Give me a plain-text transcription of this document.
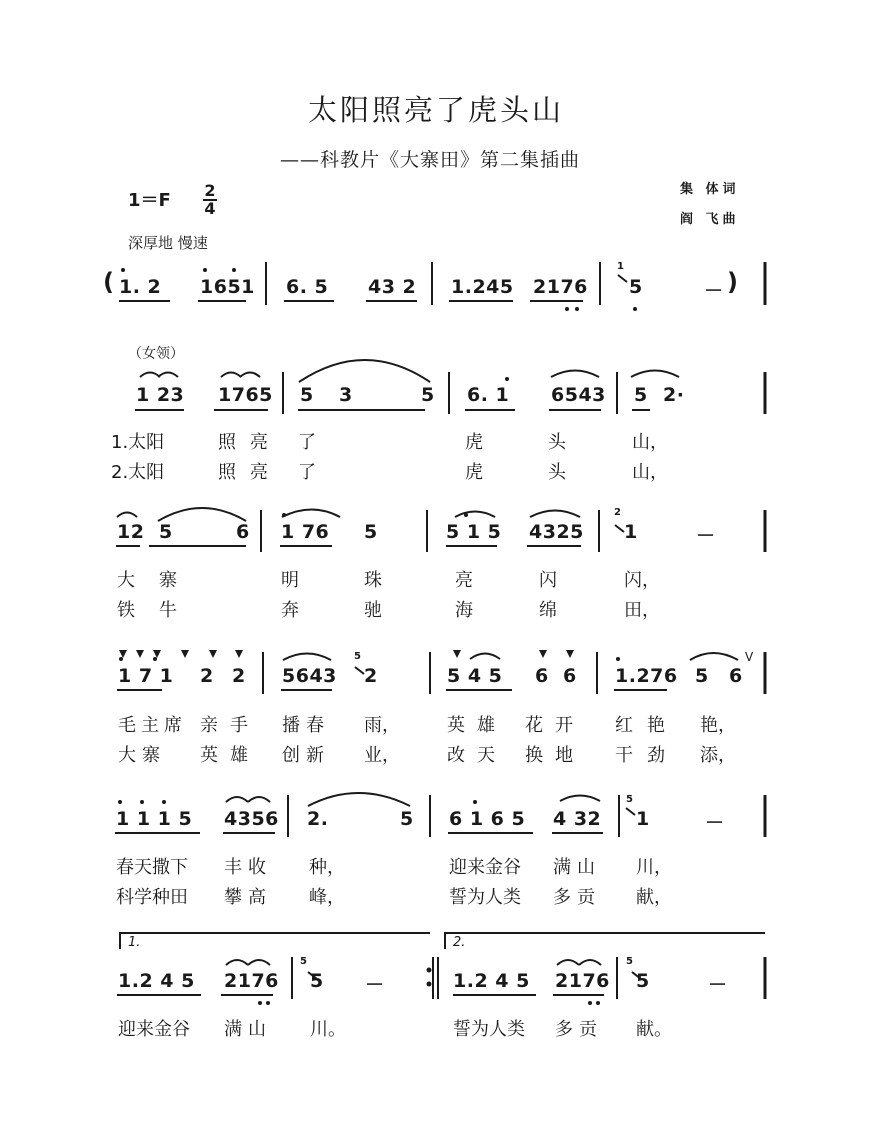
太阳照亮了虎头山
——科教片《大寨田》第二集插曲
集 体词
阎 飞曲
1＝F 2
4
深厚地 慢速
(	)
1. 2 1651 6. 5 43 2 1.245 2176 5	－
1
（女领）
1 23 1765 5 3	5 6. 1 6543 5 2·
1.太阳	照亮 了	虎	头	山，
2.太阳	照亮 了	虎	头	山，
12 5	6 1 76 5	5 1 5 4325 1	－
2
大 寨	明	珠	亮	闪	闪，
铁 牛	奔	驰	海	绵	田，
1 7 1 2 2 5643 2	5 4 5 6 6 1.276 5 6
5	V
毛主席 亲手 播春 雨，	英雄 花开 红艳 艳，
大寨 英雄 创新 业，	改天 换地 干劲 添，
1 1 1 5 4356 2.	5 6 1 6 5 4 32 1	－
5
春天撒下 丰收 种，	迎来金谷 满山 川，
科学种田 攀高 峰，	誓为人类 多贡 献，
1.	2.
1.2 4 5 2176 5 －	1.2 4 5 2176 5	－
5	5
迎来金谷 满山 川。	誓为人类 多贡 献。
